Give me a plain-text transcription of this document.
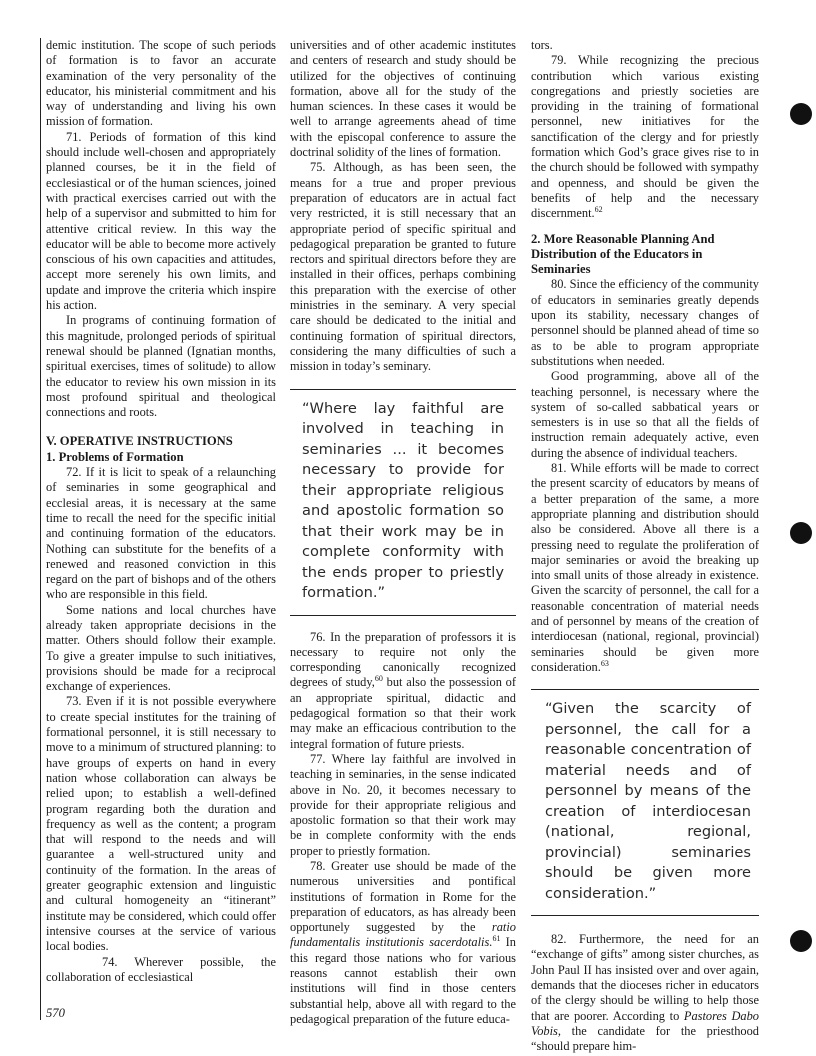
demic institution. The scope of such periods of formation is to favor an accurate examination of the very personality of the educator, his ministerial commitment and his way of understanding and living his own mission of formation.

71. Periods of formation of this kind should include well-chosen and appropriately planned courses, be it in the field of ecclesiastical or of the human sciences, joined with practical exercises carried out with the help of a supervisor and submitted to him for attentive critical review. In this way the educator will be able to become more actively conscious of his own capacities and attitudes, accept more serenely his own limits, and update and improve the criteria which inspire his action.

In programs of continuing formation of this magnitude, prolonged periods of spiritual renewal should be planned (Ignatian months, spiritual exercises, times of solitude) to allow the educator to review his own mission in its most profound spiritual and theological connections and roots.

V. OPERATIVE INSTRUCTIONS
1. Problems of Formation

72. If it is licit to speak of a relaunching of seminaries in some geographical and ecclesial areas, it is necessary at the same time to recall the need for the specific initial and continuing formation of the educators. Nothing can substitute for the benefits of a renewed and reasoned conviction in this regard on the part of bishops and of the others who are responsible in this field.

Some nations and local churches have already taken appropriate decisions in the matter. Others should follow their example. To give a greater impulse to such initiatives, provisions should be made for a reciprocal exchange of experiences.

73. Even if it is not possible everywhere to create special institutes for the training of formational personnel, it is still necessary to move to a minimum of structured planning: to have groups of experts on hand in every nation whose collaboration can always be relied upon; to establish a well-defined program regarding both the duration and frequency as well as the content; a program that will respond to the needs and will guarantee a well-structured unity and continuity of the formation. In the areas of greater geographic extension and linguistic and cultural homogeneity an “itinerant” institute may be considered, which could offer intensive courses at the service of various local bodies.

74. Wherever possible, the collaboration of ecclesiastical

570

universities and of other academic institutes and centers of research and study should be utilized for the objectives of continuing formation, above all for the study of the human sciences. In these cases it would be well to arrange agreements ahead of time with the episcopal conference to assure the doctrinal solidity of the lines of formation.

75. Although, as has been seen, the means for a true and proper previous preparation of educators are in actual fact very restricted, it is still necessary that an appropriate period of specific spiritual and pedagogical preparation be granted to future rectors and spiritual directors before they are installed in their offices, perhaps combining this preparation with the exercise of other ministries in the seminary. A very special care should be dedicated to the initial and continuing formation of spiritual directors, considering the many difficulties of such a mission in today’s seminary.

“Where lay faithful are involved in teaching in seminaries ... it becomes necessary to provide for their appropriate religious and apostolic formation so that their work may be in complete conformity with the ends proper to priestly formation.”

76. In the preparation of professors it is necessary to require not only the corresponding canonically recognized degrees of study,$^{60}$ but also the possession of an appropriate spiritual, didactic and pedagogical formation so that their work may make an efficacious contribution to the integral formation of future priests.

77. Where lay faithful are involved in teaching in seminaries, in the sense indicated above in No. 20, it becomes necessary to provide for their appropriate religious and apostolic formation so that their work may be in complete conformity with the ends proper to priestly formation.

78. Greater use should be made of the numerous universities and pontifical institutions of formation in Rome for the preparation of educators, as has already been opportunely suggested by the ratio fundamentalis institutionis sacerdotalis.$^{61}$ In this regard those nations who for various reasons cannot establish their own institutions will find in those centers substantial help, above all with regard to the pedagogical preparation of the future educa-

tors.

79. While recognizing the precious contribution which various existing congregations and priestly societies are providing in the training of formational personnel, new initiatives for the sanctification of the clergy and for priestly formation which God’s grace gives rise to in the church should be followed with sympathy and openness, and should be given the benefits of help and the necessary discernment.$^{62}$

2. More Reasonable Planning And Distribution of the Educators in Seminaries

80. Since the efficiency of the community of educators in seminaries greatly depends upon its stability, necessary changes of personnel should be planned ahead of time so as to be able to program appropriate substitutions when needed.

Good programming, above all of the teaching personnel, is necessary where the system of so-called sabbatical years or semesters is in use so that all the fields of instruction remain adequately active, even during the absence of individual teachers.

81. While efforts will be made to correct the present scarcity of educators by means of a better preparation of the same, a more appropriate planning and distribution should also be considered. Above all there is a pressing need to regulate the proliferation of major seminaries or avoid the breaking up into small units of those already in existence. Given the scarcity of personnel, the call for a reasonable concentration of material needs and of personnel by means of the creation of interdiocesan (national, regional, provincial) seminaries should be given more consideration.$^{63}$

“Given the scarcity of personnel, the call for a reasonable concentration of material needs and of personnel by means of the creation of interdiocesan (national, regional, provincial) seminaries should be given more consideration.”

82. Furthermore, the need for an “exchange of gifts” among sister churches, as John Paul II has insisted over and over again, demands that the dioceses richer in educators of the clergy should be willing to help those that are poorer. According to Pastores Dabo Vobis, the candidate for the priesthood “should prepare him-
